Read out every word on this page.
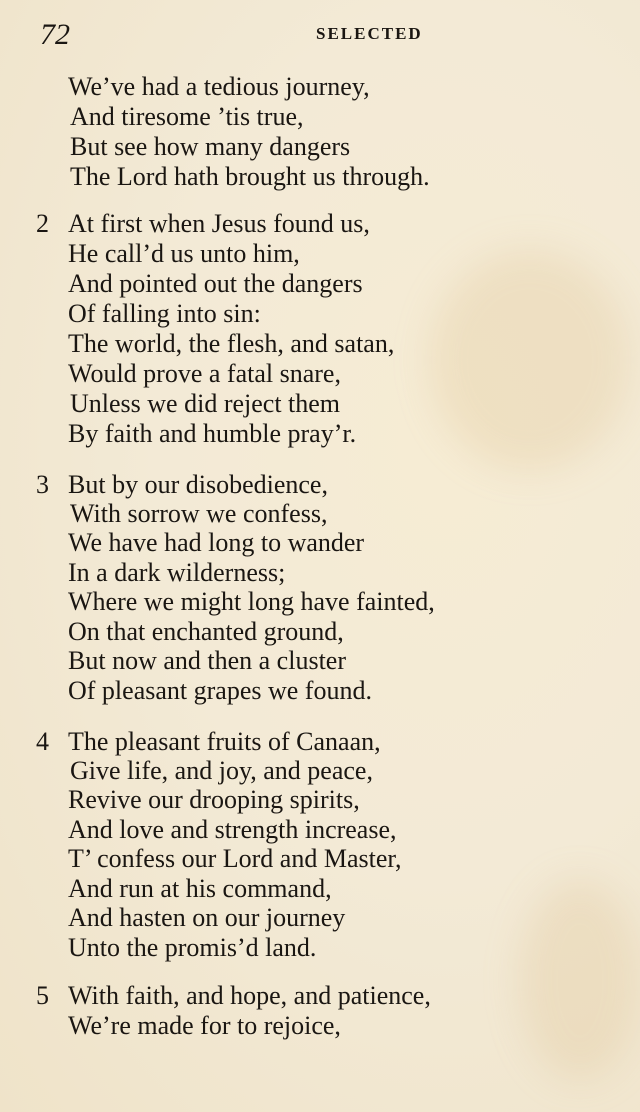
72	SELECTED
We’ve had a tedious journey,
And tiresome ’tis true,
But see how many dangers
The Lord hath brought us through.
2 At first when Jesus found us,
He call’d us unto him,
And pointed out the dangers
Of falling into sin:
The world, the flesh, and satan,
Would prove a fatal snare,
Unless we did reject them
By faith and humble pray’r.
3 But by our disobedience,
With sorrow we confess,
We have had long to wander
In a dark wilderness;
Where we might long have fainted,
On that enchanted ground,
But now and then a cluster
Of pleasant grapes we found.
4 The pleasant fruits of Canaan,
Give life, and joy, and peace,
Revive our drooping spirits,
And love and strength increase,
T’ confess our Lord and Master,
And run at his command,
And hasten on our journey
Unto the promis’d land.
5 With faith, and hope, and patience,
We’re made for to rejoice,
